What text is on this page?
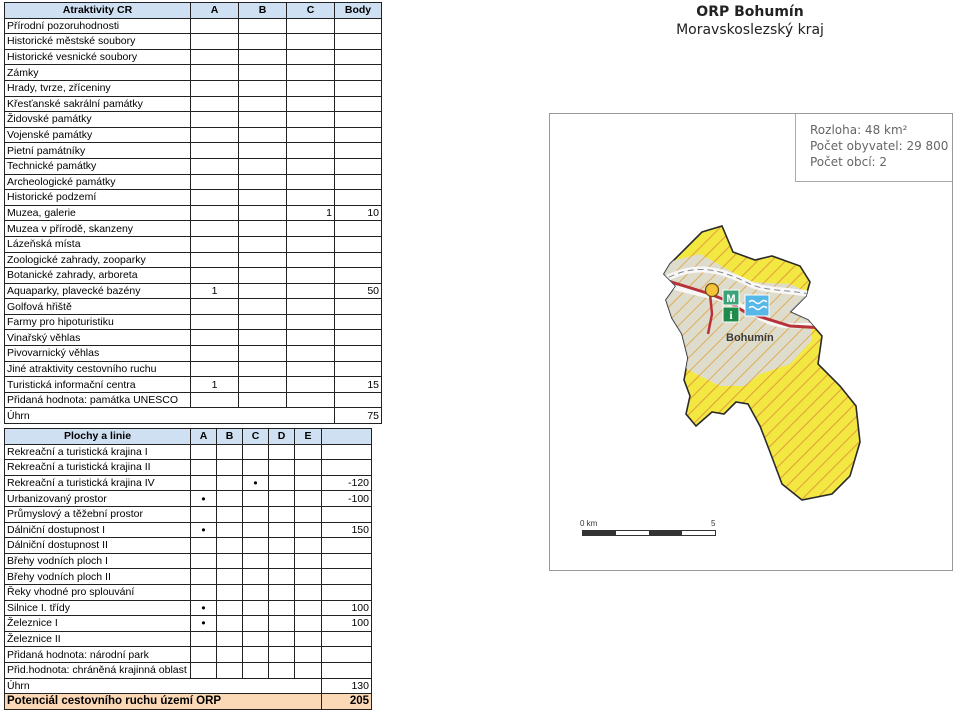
Atraktivity CR	A	B	C	Body
Přírodní pozoruhodnosti				
Historické městské soubory				
Historické vesnické soubory				
Zámky				
Hrady, tvrze, zříceniny				
Křesťanské sakrální památky				
Židovské památky				
Vojenské památky				
Pietní památníky				
Technické památky				
Archeologické památky				
Historické podzemí				
Muzea, galerie			1	10
Muzea v přírodě, skanzeny				
Lázeňská místa				
Zoologické zahrady, zooparky				
Botanické zahrady, arboreta				
Aquaparky, plavecké bazény	1			50
Golfová hřiště				
Farmy pro hipoturistiku				
Vinařský věhlas				
Pivovarnický věhlas				
Jiné atraktivity cestovního ruchu				
Turistická informační centra	1			15
Přidaná hodnota: památka UNESCO				
Úhrn				75
Plochy a linie	A	B	C	D	E	
Rekreační a turistická krajina I						
Rekreační a turistická krajina II						
Rekreační a turistická krajina IV			•			-120
Urbanizovaný prostor	•					-100
Průmyslový a těžební prostor						
Dálniční dostupnost I	•					150
Dálniční dostupnost II						
Břehy vodních ploch I						
Břehy vodních ploch II						
Řeky vhodné pro splouvání						
Silnice I. třídy	•					100
Železnice I	•					100
Železnice II						
Přidaná hodnota: národní park						
Přid.hodnota: chráněná krajinná oblast						
Úhrn						130
Potenciál cestovního ruchu území ORP						205
ORP Bohumín
Moravskoslezský kraj
M
i
Bohumín
Rozloha: 48 km²
Počet obyvatel: 29 800
Počet obcí: 2
0 km	5
